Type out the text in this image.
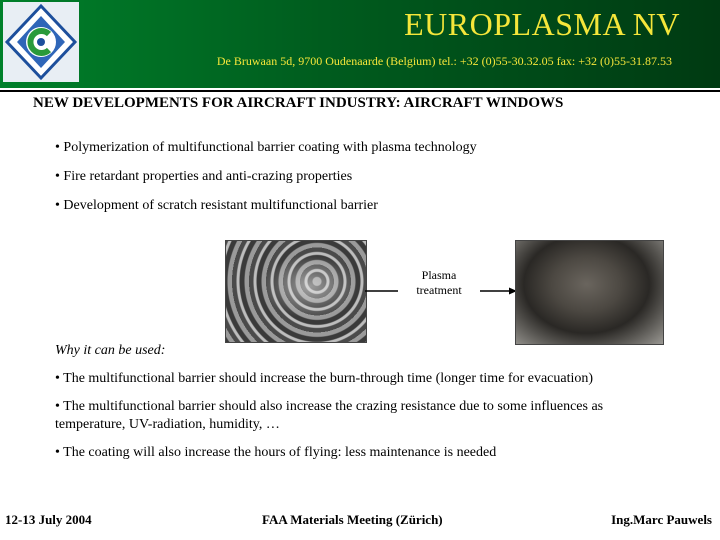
EUROPLASMA NV
De Bruwaan 5d, 9700 Oudenaarde (Belgium) tel.: +32 (0)55-30.32.05 fax: +32 (0)55-31.87.53
NEW DEVELOPMENTS FOR AIRCRAFT INDUSTRY: AIRCRAFT WINDOWS
• Polymerization of multifunctional barrier coating with plasma technology
• Fire retardant properties and anti-crazing properties
• Development of scratch resistant multifunctional barrier
Plasma
treatment
Why it can be used:
• The multifunctional barrier should increase the burn-through time (longer time for evacuation)
• The multifunctional barrier should also increase the crazing resistance due to some influences as temperature, UV-radiation, humidity, …
• The coating will also increase the hours of flying: less maintenance is needed
12-13 July 2004	FAA Materials Meeting (Zürich)	Ing.Marc Pauwels
